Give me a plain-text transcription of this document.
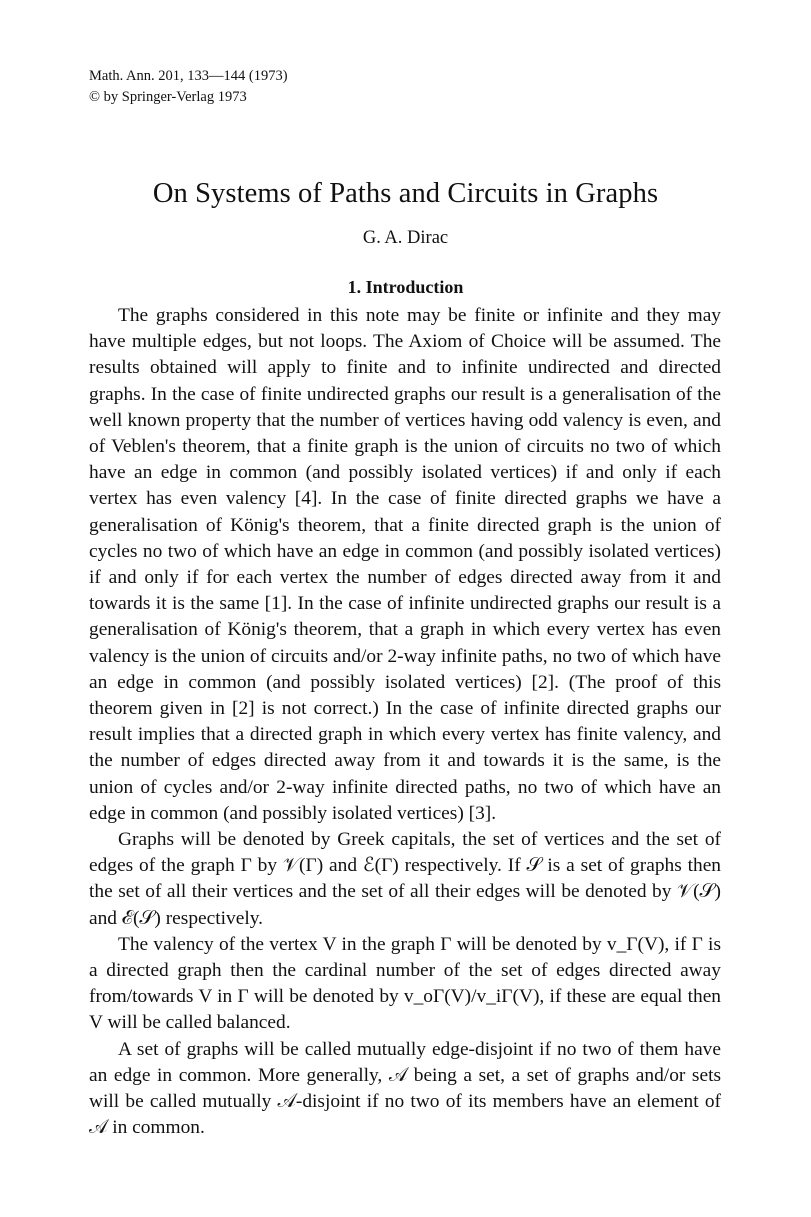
Math. Ann. 201, 133—144 (1973)
© by Springer-Verlag 1973
On Systems of Paths and Circuits in Graphs
G. A. Dirac
1. Introduction

The graphs considered in this note may be finite or infinite and they may have multiple edges, but not loops. The Axiom of Choice will be assumed. The results obtained will apply to finite and to infinite undirected and directed graphs. In the case of finite undirected graphs our result is a generalisation of the well known property that the number of vertices having odd valency is even, and of Veblen's theorem, that a finite graph is the union of circuits no two of which have an edge in common (and possibly isolated vertices) if and only if each vertex has even valency [4]. In the case of finite directed graphs we have a generalisation of König's theorem, that a finite directed graph is the union of cycles no two of which have an edge in common (and possibly isolated vertices) if and only if for each vertex the number of edges directed away from it and towards it is the same [1]. In the case of infinite undirected graphs our result is a generalisation of König's theorem, that a graph in which every vertex has even valency is the union of circuits and/or 2-way infinite paths, no two of which have an edge in common (and possibly isolated vertices) [2]. (The proof of this theorem given in [2] is not correct.) In the case of infinite directed graphs our result implies that a directed graph in which every vertex has finite valency, and the number of edges directed away from it and towards it is the same, is the union of cycles and/or 2-way infinite directed paths, no two of which have an edge in common (and possibly isolated vertices) [3].

Graphs will be denoted by Greek capitals, the set of vertices and the set of edges of the graph Γ by 𝒱(Γ) and ℰ(Γ) respectively. If 𝒮 is a set of graphs then the set of all their vertices and the set of all their edges will be denoted by 𝒱(𝒮) and ℰ(𝒮) respectively.

The valency of the vertex V in the graph Γ will be denoted by v_Γ(V), if Γ is a directed graph then the cardinal number of the set of edges directed away from/towards V in Γ will be denoted by v_oΓ(V)/v_iΓ(V), if these are equal then V will be called balanced.

A set of graphs will be called mutually edge-disjoint if no two of them have an edge in common. More generally, 𝒜 being a set, a set of graphs and/or sets will be called mutually 𝒜-disjoint if no two of its members have an element of 𝒜 in common.
